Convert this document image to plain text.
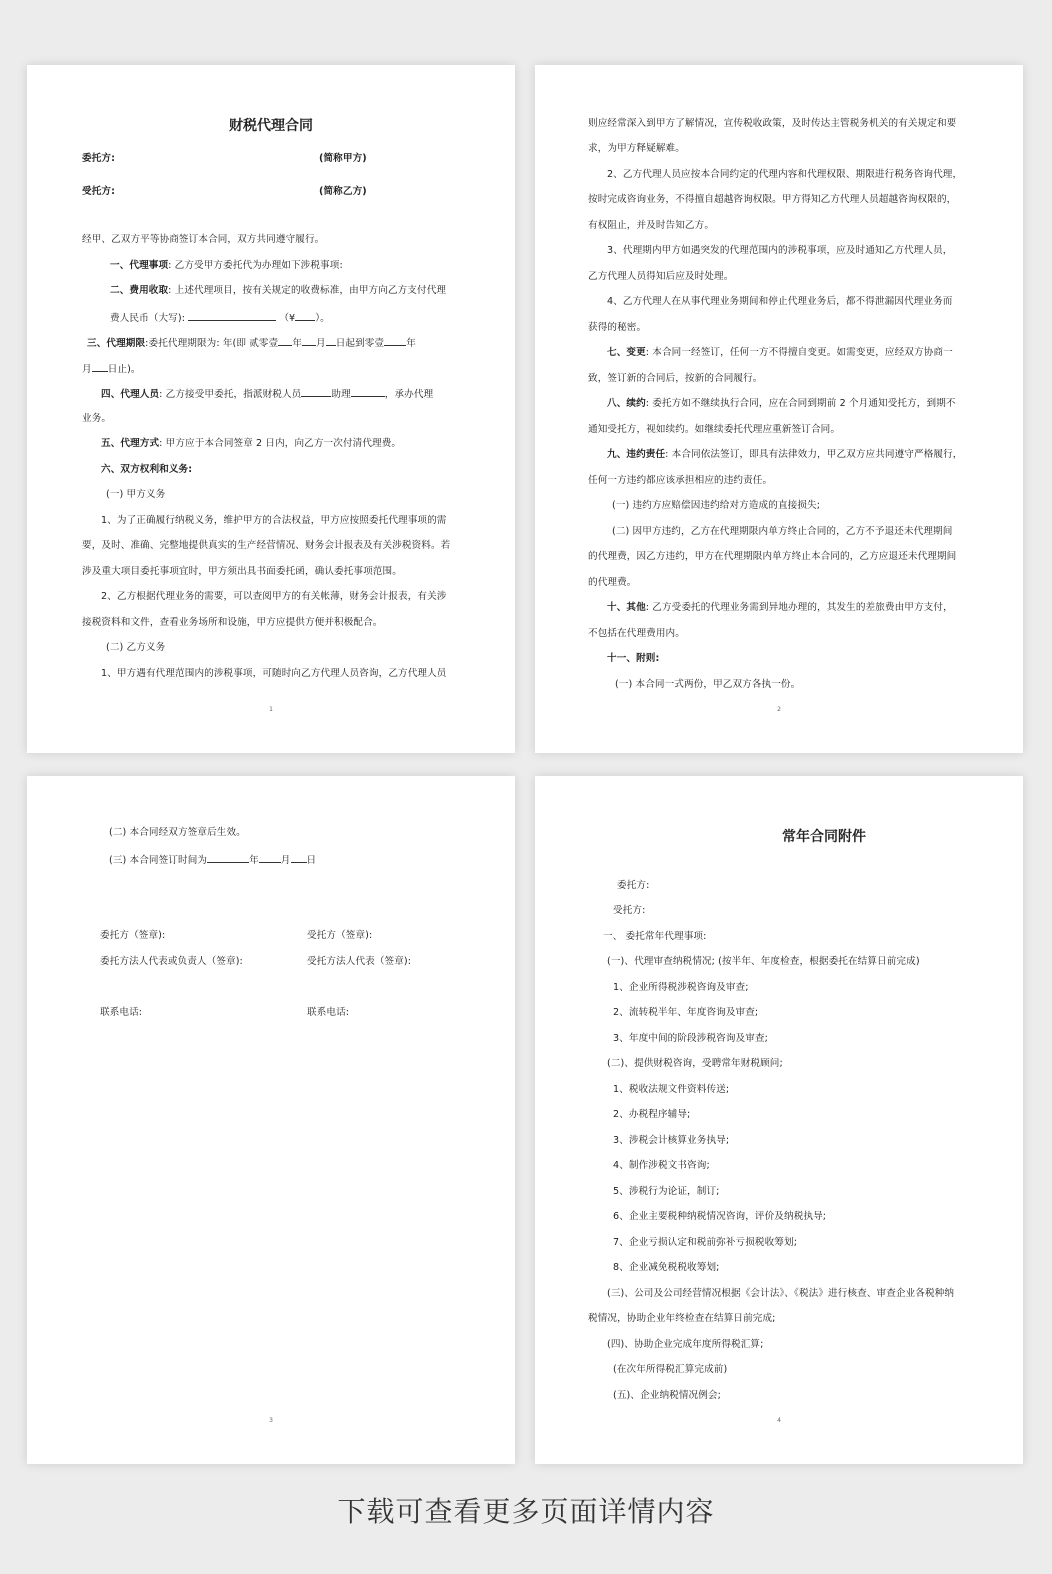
财税代理合同
委托方:	(简称甲方)
受托方:	(简称乙方)
经甲、乙双方平等协商签订本合同，双方共同遵守履行。
一、代理事项: 乙方受甲方委托代为办理如下涉税事项:
二、费用收取: 上述代理项目，按有关规定的收费标准，由甲方向乙方支付代理
费人民币（大写):	（¥ ）。
三、代理期限:委托代理期限为: 年(即 贰零壹 年 月 日起到零壹 年
月 日止)。
四、代理人员: 乙方接受甲委托，指派财税人员	助理	，承办代理
业务。
五、代理方式: 甲方应于本合同签章 2 日内，向乙方一次付清代理费。
六、双方权利和义务:
(一) 甲方义务
1、为了正确履行纳税义务，维护甲方的合法权益，甲方应按照委托代理事项的需
要，及时、准确、完整地提供真实的生产经营情况、财务会计报表及有关涉税资料。若
涉及重大项目委托事项宜时，甲方须出具书面委托函，确认委托事项范围。
2、乙方根据代理业务的需要，可以查阅甲方的有关帐薄，财务会计报表，有关涉
接税资料和文件，查看业务场所和设施，甲方应提供方便并积极配合。
(二) 乙方义务
1、甲方遇有代理范围内的涉税事项，可随时向乙方代理人员咨询，乙方代理人员
1
则应经常深入到甲方了解情况，宣传税收政策，及时传达主管税务机关的有关规定和要
求，为甲方释疑解难。
2、乙方代理人员应按本合同约定的代理内容和代理权限、期限进行税务咨询代理，
按时完成咨询业务，不得擅自超越咨询权限。甲方得知乙方代理人员超越咨询权限的，
有权阻止，并及时告知乙方。
3、代理期内甲方如遇突发的代理范围内的涉税事项，应及时通知乙方代理人员，
乙方代理人员得知后应及时处理。
4、乙方代理人在从事代理业务期间和停止代理业务后，都不得泄漏因代理业务而
获得的秘密。
七、变更: 本合同一经签订，任何一方不得擅自变更。如需变更，应经双方协商一
致，签订新的合同后，按新的合同履行。
八、续约: 委托方如不继续执行合同，应在合同到期前 2 个月通知受托方，到期不
通知受托方，视如续约。如继续委托代理应重新签订合同。
九、违约责任: 本合同依法签订，即具有法律效力，甲乙双方应共同遵守严格履行，
任何一方违约都应该承担相应的违约责任。
(一) 违约方应赔偿因违约给对方造成的直接损失;
(二) 因甲方违约，乙方在代理期限内单方终止合同的，乙方不予退还未代理期间
的代理费，因乙方违约，甲方在代理期限内单方终止本合同的，乙方应退还未代理期间
的代理费。
十、其他: 乙方受委托的代理业务需到异地办理的，其发生的差旅费由甲方支付，
不包括在代理费用内。
十一、附则:
(一) 本合同一式两份，甲乙双方各执一份。
2
(二) 本合同经双方签章后生效。
(三) 本合同签订时间为	年 月 日
委托方（签章):	受托方（签章):
委托方法人代表或负责人（签章):	受托方法人代表（签章):
联系电话:	联系电话:
3
常年合同附件
委托方:
受托方:
一、 委托常年代理事项:
(一)、代理审查纳税情况; (按半年、年度检查，根据委托在结算日前完成)
1、企业所得税涉税咨询及审查;
2、流转税半年、年度咨询及审查;
3、年度中间的阶段涉税咨询及审查;
(二)、提供财税咨询，受聘常年财税顾问;
1、税收法规文件资料传送;
2、办税程序辅导;
3、涉税会计核算业务执导;
4、制作涉税文书咨询;
5、涉税行为论证，制订;
6、企业主要税种纳税情况咨询，评价及纳税执导;
7、企业亏损认定和税前弥补亏损税收筹划;
8、企业减免税税收筹划;
(三)、公司及公司经营情况根据《会计法》、《税法》进行核查、审查企业各税种纳
税情况，协助企业年终检查在结算日前完成;
(四)、协助企业完成年度所得税汇算;
(在次年所得税汇算完成前)
(五)、企业纳税情况例会;
4
下载可查看更多页面详情内容
